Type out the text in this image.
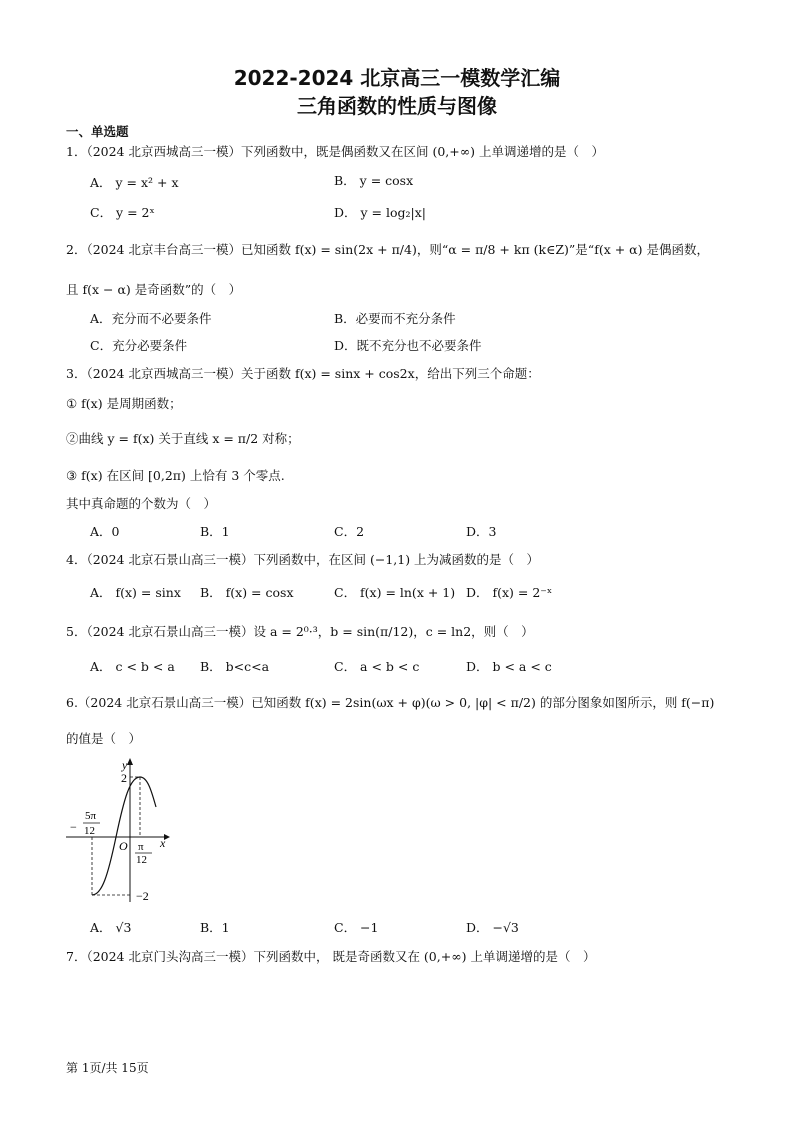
2022-2024 北京高三一模数学汇编
三角函数的性质与图像
一、单选题
1．（2024 北京西城高三一模）下列函数中，既是偶函数又在区间 (0,+∞) 上单调递增的是（　）
A． y = x² + x	B． y = cosx
C． y = 2ˣ	D． y = log₂|x|
2．（2024 北京丰台高三一模）已知函数 f(x) = sin(2x + π/4)，则“α = π/8 + kπ (k∈Z)”是“f(x + α) 是偶函数，
且 f(x − α) 是奇函数”的（　）
A．充分而不必要条件	B．必要而不充分条件
C．充分必要条件	D．既不充分也不必要条件
3．（2024 北京西城高三一模）关于函数 f(x) = sinx + cos2x，给出下列三个命题：
① f(x) 是周期函数；
②曲线 y = f(x) 关于直线 x = π/2 对称；
③ f(x) 在区间 [0,2π) 上恰有 3 个零点.
其中真命题的个数为（　）
A．0	B．1	C．2	D．3
4．（2024 北京石景山高三一模）下列函数中，在区间 (−1,1) 上为减函数的是（　）
A． f(x) = sinx B． f(x) = cosx	C． f(x) = ln(x + 1) D． f(x) = 2⁻ˣ
5．（2024 北京石景山高三一模）设 a = 2⁰·³，b = sin(π/12)，c = ln2，则（　）
A． c < b < a B． b<c<a	C． a < b < c	D． b < a < c
6.（2024 北京石景山高三一模）已知函数 f(x) = 2sin(ωx + φ)(ω > 0, |φ| < π/2) 的部分图象如图所示，则 f(−π)
的值是（　）
y
x
2
O
−2
−
5π
12
π
12
A． √3	B．1	C． −1	D． −√3
7．（2024 北京门头沟高三一模）下列函数中， 既是奇函数又在 (0,+∞) 上单调递增的是（　）
第 1页/共 15页
